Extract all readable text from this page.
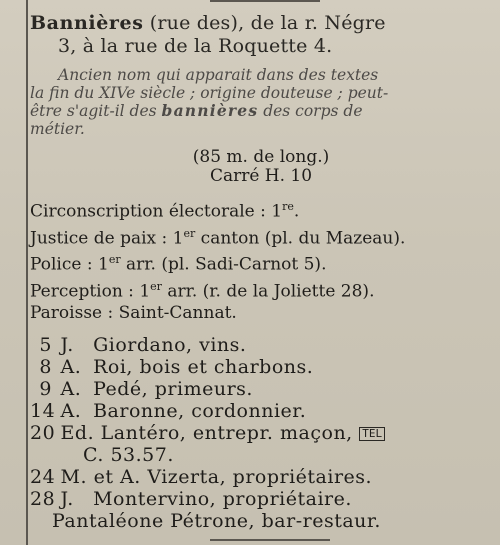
Bannières (rue des), de la r. Négre
3, à la rue de la Roquette 4.
Ancien nom qui apparait dans des textes
la fin du XIVe siècle ; origine douteuse ; peut-
être s'agit-il des bannières des corps de
métier.
(85 m. de long.)
Carré H. 10
Circonscription électorale : 1re.
Justice de paix : 1er canton (pl. du Mazeau).
Police : 1er arr. (pl. Sadi-Carnot 5).
Perception : 1er arr. (r. de la Joliette 28).
Paroisse : Saint-Cannat.
5 J. Giordano, vins.
8 A. Roi, bois et charbons.
9 A. Pedé, primeurs.
14 A. Baronne, cordonnier.
20 Ed. Lantéro, entrepr. maçon, TEL
C. 53.57.
24 M. et A. Vizerta, propriétaires.
28 J. Montervino, propriétaire.
Pantaléone Pétrone, bar-restaur.
